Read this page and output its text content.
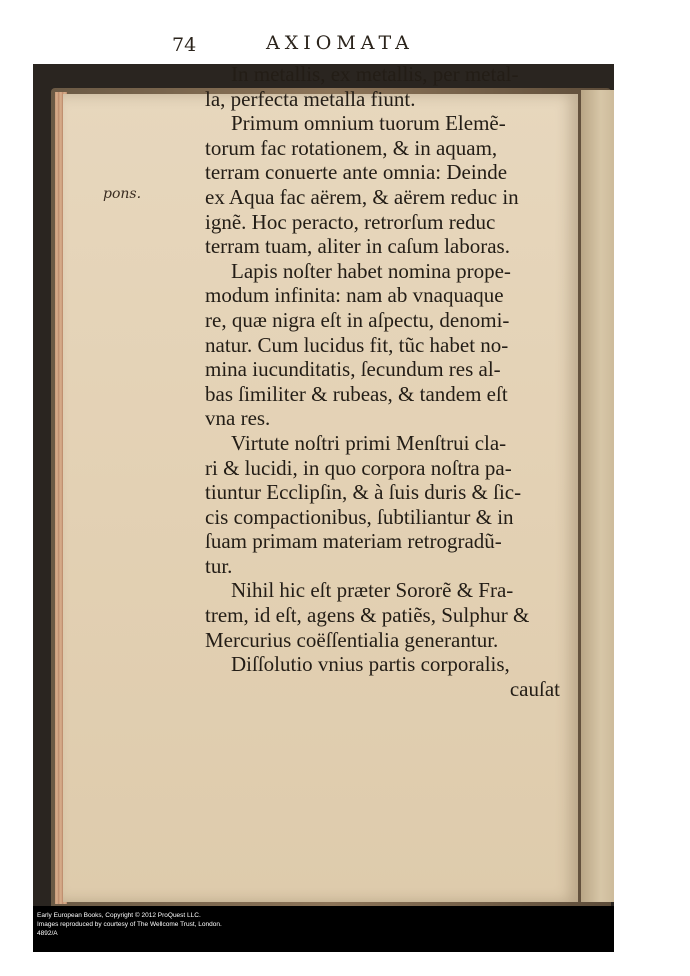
74	AXIOMATA
pons.
In metallis, ex metallis, per metal-
la, perfecta metalla fiunt.
Primum omnium tuorum Elemẽ-
torum fac rotationem, & in aquam,
terram conuerte ante omnia: Deinde
ex Aqua fac aërem, & aërem reduc in
ignẽ. Hoc peracto, retrorſum reduc
terram tuam, aliter in caſum laboras.
Lapis noſter habet nomina prope-
modum infinita: nam ab vnaquaque
re, quæ nigra eſt in aſpectu, denomi-
natur. Cum lucidus fit, tũc habet no-
mina iucunditatis, ſecundum res al-
bas ſimiliter & rubeas, & tandem eſt
vna res.
Virtute noſtri primi Menſtrui cla-
ri & lucidi, in quo corpora noſtra pa-
tiuntur Ecclipſin, & à ſuis duris & ſic-
cis compactionibus, ſubtiliantur & in
ſuam primam materiam retrogradũ-
tur.
Nihil hic eſt præter Sororẽ & Fra-
trem, id eſt, agens & patiẽs, Sulphur &
Mercurius coëſſentialia generantur.
Diſſolutio vnius partis corporalis,
cauſat
Early European Books, Copyright © 2012 ProQuest LLC.
Images reproduced by courtesy of The Wellcome Trust, London.
4892/A
